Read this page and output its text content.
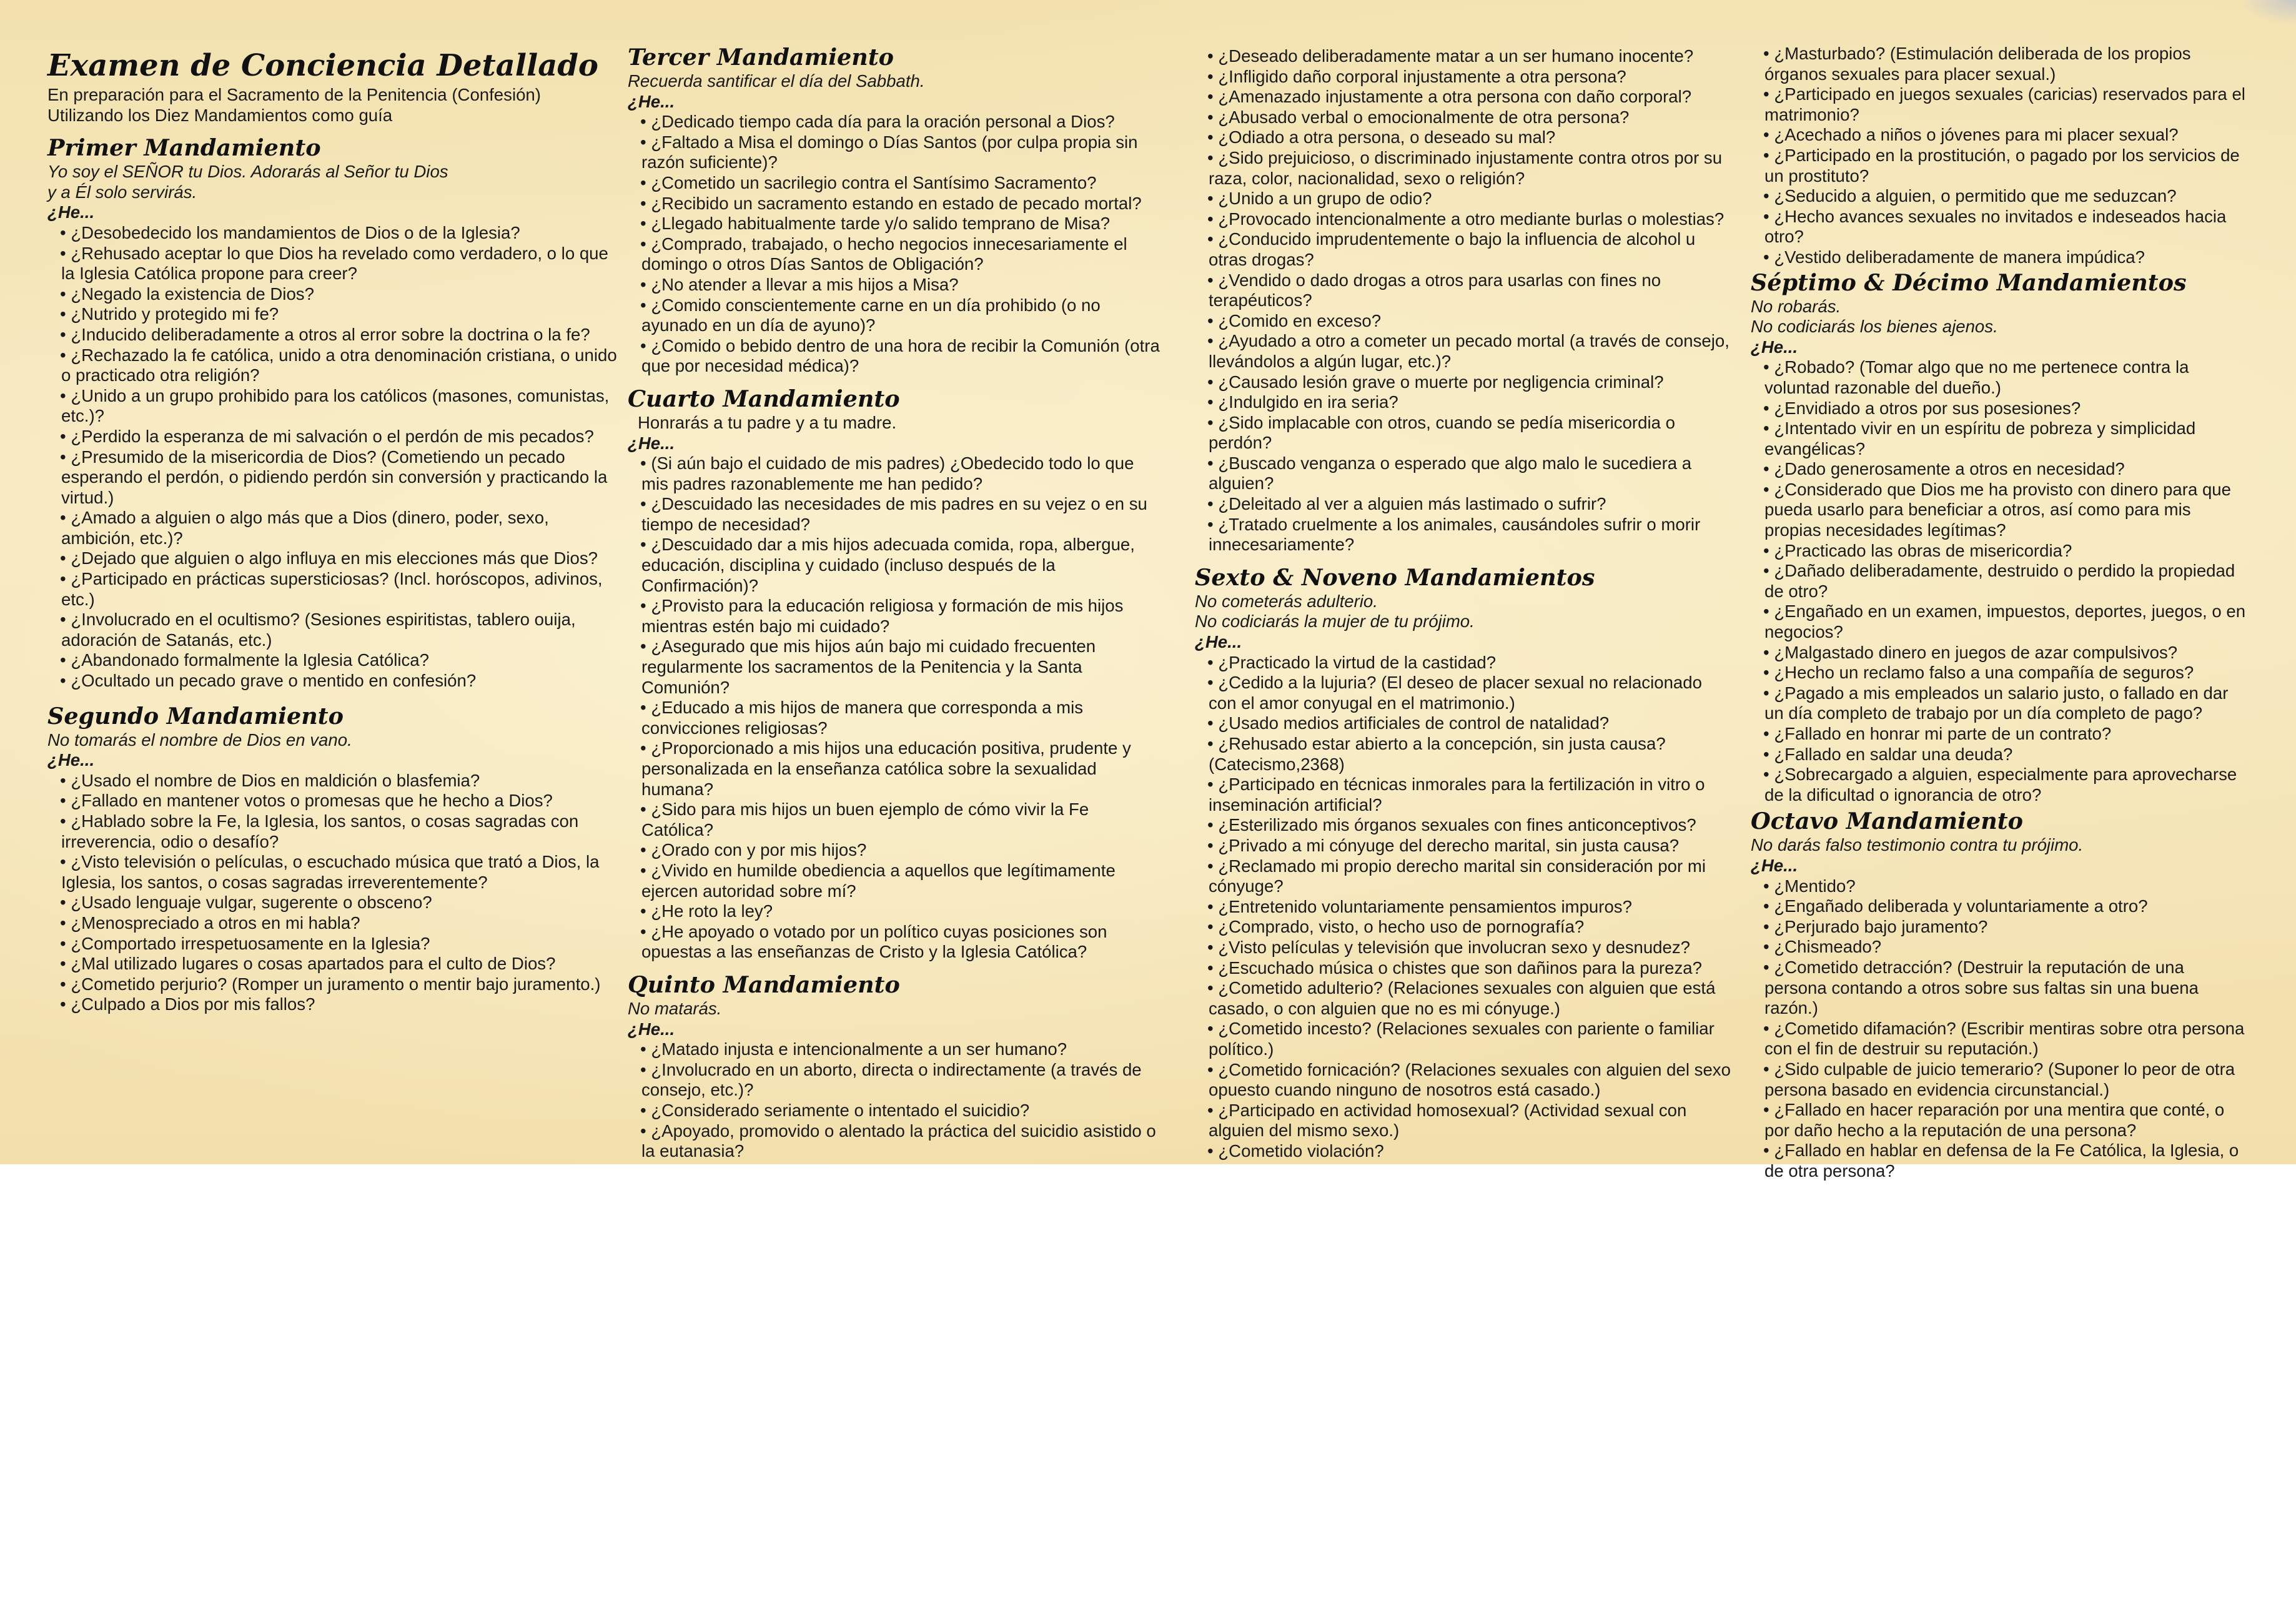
Examen de Conciencia Detallado

En preparación para el Sacramento de la Penitencia (Confesión)

Utilizando los Diez Mandamientos como guía

Primer Mandamiento

Yo soy el SEÑOR tu Dios. Adorarás al Señor tu Dios

y a Él solo servirás.

¿He...

• ¿Desobedecido los mandamientos de Dios o de la Iglesia?
• ¿Rehusado aceptar lo que Dios ha revelado como verdadero, o lo que la Iglesia Católica propone para creer?
• ¿Negado la existencia de Dios?
• ¿Nutrido y protegido mi fe?
• ¿Inducido deliberadamente a otros al error sobre la doctrina o la fe?
• ¿Rechazado la fe católica, unido a otra denominación cristiana, o unido o practicado otra religión?
• ¿Unido a un grupo prohibido para los católicos (masones, comunistas, etc.)?
• ¿Perdido la esperanza de mi salvación o el perdón de mis pecados?
• ¿Presumido de la misericordia de Dios? (Cometiendo un pecado esperando el perdón, o pidiendo perdón sin conversión y practicando la virtud.)
• ¿Amado a alguien o algo más que a Dios (dinero, poder, sexo, ambición, etc.)?
• ¿Dejado que alguien o algo influya en mis elecciones más que Dios?
• ¿Participado en prácticas supersticiosas? (Incl. horóscopos, adivinos, etc.)
• ¿Involucrado en el ocultismo? (Sesiones espiritistas, tablero ouija, adoración de Satanás, etc.)
• ¿Abandonado formalmente la Iglesia Católica?
• ¿Ocultado un pecado grave o mentido en confesión?
Segundo Mandamiento

No tomarás el nombre de Dios en vano.

¿He...

• ¿Usado el nombre de Dios en maldición o blasfemia?
• ¿Fallado en mantener votos o promesas que he hecho a Dios?
• ¿Hablado sobre la Fe, la Iglesia, los santos, o cosas sagradas con irreverencia, odio o desafío?
• ¿Visto televisión o películas, o escuchado música que trató a Dios, la Iglesia, los santos, o cosas sagradas irreverentemente?
• ¿Usado lenguaje vulgar, sugerente o obsceno?
• ¿Menospreciado a otros en mi habla?
• ¿Comportado irrespetuosamente en la Iglesia?
• ¿Mal utilizado lugares o cosas apartados para el culto de Dios?
• ¿Cometido perjurio? (Romper un juramento o mentir bajo juramento.)
• ¿Culpado a Dios por mis fallos?
Tercer Mandamiento

Recuerda santificar el día del Sabbath.

¿He...

• ¿Dedicado tiempo cada día para la oración personal a Dios?
• ¿Faltado a Misa el domingo o Días Santos (por culpa propia sin razón suficiente)?
• ¿Cometido un sacrilegio contra el Santísimo Sacramento?
• ¿Recibido un sacramento estando en estado de pecado mortal?
• ¿Llegado habitualmente tarde y/o salido temprano de Misa?
• ¿Comprado, trabajado, o hecho negocios innecesariamente el domingo o otros Días Santos de Obligación?
• ¿No atender a llevar a mis hijos a Misa?
• ¿Comido conscientemente carne en un día prohibido (o no ayunado en un día de ayuno)?
• ¿Comido o bebido dentro de una hora de recibir la Comunión (otra que por necesidad médica)?
Cuarto Mandamiento

Honrarás a tu padre y a tu madre.

¿He...

• (Si aún bajo el cuidado de mis padres) ¿Obedecido todo lo que mis padres razonablemente me han pedido?
• ¿Descuidado las necesidades de mis padres en su vejez o en su tiempo de necesidad?
• ¿Descuidado dar a mis hijos adecuada comida, ropa, albergue, educación, disciplina y cuidado (incluso después de la Confirmación)?
• ¿Provisto para la educación religiosa y formación de mis hijos mientras estén bajo mi cuidado?
• ¿Asegurado que mis hijos aún bajo mi cuidado frecuenten regularmente los sacramentos de la Penitencia y la Santa Comunión?
• ¿Educado a mis hijos de manera que corresponda a mis convicciones religiosas?
• ¿Proporcionado a mis hijos una educación positiva, prudente y personalizada en la enseñanza católica sobre la sexualidad humana?
• ¿Sido para mis hijos un buen ejemplo de cómo vivir la Fe Católica?
• ¿Orado con y por mis hijos?
• ¿Vivido en humilde obediencia a aquellos que legítimamente ejercen autoridad sobre mí?
• ¿He roto la ley?
• ¿He apoyado o votado por un político cuyas posiciones son opuestas a las enseñanzas de Cristo y la Iglesia Católica?
Quinto Mandamiento

No matarás.

¿He...

• ¿Matado injusta e intencionalmente a un ser humano?
• ¿Involucrado en un aborto, directa o indirectamente (a través de consejo, etc.)?
• ¿Considerado seriamente o intentado el suicidio?
• ¿Apoyado, promovido o alentado la práctica del suicidio asistido o la eutanasia?
• ¿Deseado deliberadamente matar a un ser humano inocente?
• ¿Infligido daño corporal injustamente a otra persona?
• ¿Amenazado injustamente a otra persona con daño corporal?
• ¿Abusado verbal o emocionalmente de otra persona?
• ¿Odiado a otra persona, o deseado su mal?
• ¿Sido prejuicioso, o discriminado injustamente contra otros por su raza, color, nacionalidad, sexo o religión?
• ¿Unido a un grupo de odio?
• ¿Provocado intencionalmente a otro mediante burlas o molestias?
• ¿Conducido imprudentemente o bajo la influencia de alcohol u otras drogas?
• ¿Vendido o dado drogas a otros para usarlas con fines no terapéuticos?
• ¿Comido en exceso?
• ¿Ayudado a otro a cometer un pecado mortal (a través de consejo, llevándolos a algún lugar, etc.)?
• ¿Causado lesión grave o muerte por negligencia criminal?
• ¿Indulgido en ira seria?
• ¿Sido implacable con otros, cuando se pedía misericordia o perdón?
• ¿Buscado venganza o esperado que algo malo le sucediera a alguien?
• ¿Deleitado al ver a alguien más lastimado o sufrir?
• ¿Tratado cruelmente a los animales, causándoles sufrir o morir innecesariamente?
Sexto & Noveno Mandamientos

No cometerás adulterio.

No codiciarás la mujer de tu prójimo.

¿He...

• ¿Practicado la virtud de la castidad?
• ¿Cedido a la lujuria? (El deseo de placer sexual no relacionado con el amor conyugal en el matrimonio.)
• ¿Usado medios artificiales de control de natalidad?
• ¿Rehusado estar abierto a la concepción, sin justa causa? (Catecismo,2368)
• ¿Participado en técnicas inmorales para la fertilización in vitro o inseminación artificial?
• ¿Esterilizado mis órganos sexuales con fines anticonceptivos?
• ¿Privado a mi cónyuge del derecho marital, sin justa causa?
• ¿Reclamado mi propio derecho marital sin consideración por mi cónyuge?
• ¿Entretenido voluntariamente pensamientos impuros?
• ¿Comprado, visto, o hecho uso de pornografía?
• ¿Visto películas y televisión que involucran sexo y desnudez?
• ¿Escuchado música o chistes que son dañinos para la pureza?
• ¿Cometido adulterio? (Relaciones sexuales con alguien que está casado, o con alguien que no es mi cónyuge.)
• ¿Cometido incesto? (Relaciones sexuales con pariente o familiar político.)
• ¿Cometido fornicación? (Relaciones sexuales con alguien del sexo opuesto cuando ninguno de nosotros está casado.)
• ¿Participado en actividad homosexual? (Actividad sexual con alguien del mismo sexo.)
• ¿Cometido violación?
• ¿Masturbado? (Estimulación deliberada de los propios órganos sexuales para placer sexual.)
• ¿Participado en juegos sexuales (caricias) reservados para el matrimonio?
• ¿Acechado a niños o jóvenes para mi placer sexual?
• ¿Participado en la prostitución, o pagado por los servicios de un prostituto?
• ¿Seducido a alguien, o permitido que me seduzcan?
• ¿Hecho avances sexuales no invitados e indeseados hacia otro?
• ¿Vestido deliberadamente de manera impúdica?
Séptimo & Décimo Mandamientos

No robarás.

No codiciarás los bienes ajenos.

¿He...

• ¿Robado? (Tomar algo que no me pertenece contra la voluntad razonable del dueño.)
• ¿Envidiado a otros por sus posesiones?
• ¿Intentado vivir en un espíritu de pobreza y simplicidad evangélicas?
• ¿Dado generosamente a otros en necesidad?
• ¿Considerado que Dios me ha provisto con dinero para que pueda usarlo para beneficiar a otros, así como para mis propias necesidades legítimas?
• ¿Practicado las obras de misericordia?
• ¿Dañado deliberadamente, destruido o perdido la propiedad de otro?
• ¿Engañado en un examen, impuestos, deportes, juegos, o en negocios?
• ¿Malgastado dinero en juegos de azar compulsivos?
• ¿Hecho un reclamo falso a una compañía de seguros?
• ¿Pagado a mis empleados un salario justo, o fallado en dar un día completo de trabajo por un día completo de pago?
• ¿Fallado en honrar mi parte de un contrato?
• ¿Fallado en saldar una deuda?
• ¿Sobrecargado a alguien, especialmente para aprovecharse de la dificultad o ignorancia de otro?
Octavo Mandamiento

No darás falso testimonio contra tu prójimo.

¿He...

• ¿Mentido?
• ¿Engañado deliberada y voluntariamente a otro?
• ¿Perjurado bajo juramento?
• ¿Chismeado?
• ¿Cometido detracción? (Destruir la reputación de una persona contando a otros sobre sus faltas sin una buena razón.)
• ¿Cometido difamación? (Escribir mentiras sobre otra persona con el fin de destruir su reputación.)
• ¿Sido culpable de juicio temerario? (Suponer lo peor de otra persona basado en evidencia circunstancial.)
• ¿Fallado en hacer reparación por una mentira que conté, o por daño hecho a la reputación de una persona?
• ¿Fallado en hablar en defensa de la Fe Católica, la Iglesia, o de otra persona?
